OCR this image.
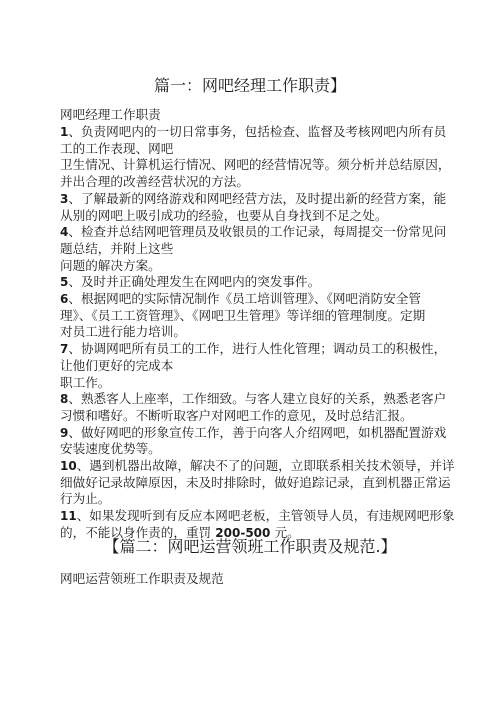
篇一：网吧经理工作职责】

网吧经理工作职责

1、负责网吧内的一切日常事务，包括检查、监督及考核网吧内所有员

工的工作表现、网吧

卫生情况、计算机运行情况、网吧的经营情况等。须分析并总结原因，

并出合理的改善经营状况的方法。

3、了解最新的网络游戏和网吧经营方法，及时提出新的经营方案，能

从别的网吧上吸引成功的经验，也要从自身找到不足之处。

4、检查并总结网吧管理员及收银员的工作记录，每周提交一份常见问

题总结，并附上这些

问题的解决方案。

5、及时并正确处理发生在网吧内的突发事件。

6、根据网吧的实际情况制作《员工培训管理》、《网吧消防安全管

理》、《员工工资管理》、《网吧卫生管理》等详细的管理制度。定期

对员工进行能力培训。

7、协调网吧所有员工的工作，进行人性化管理；调动员工的积极性，

让他们更好的完成本

职工作。

8、熟悉客人上座率，工作细致。与客人建立良好的关系，熟悉老客户

习惯和嗜好。不断听取客户对网吧工作的意见，及时总结汇报。

9、做好网吧的形象宣传工作，善于向客人介绍网吧，如机器配置游戏

安装速度优势等。

10、遇到机器出故障，解决不了的问题，立即联系相关技术领导，并详

细做好记录故障原因，未及时排除时，做好追踪记录，直到机器正常运

行为止。

11、如果发现听到有反应本网吧老板，主管领导人员，有违规网吧形象

的，不能以身作责的，重罚 200-500 元。

【篇二：网吧运营领班工作职责及规范.】

网吧运营领班工作职责及规范
